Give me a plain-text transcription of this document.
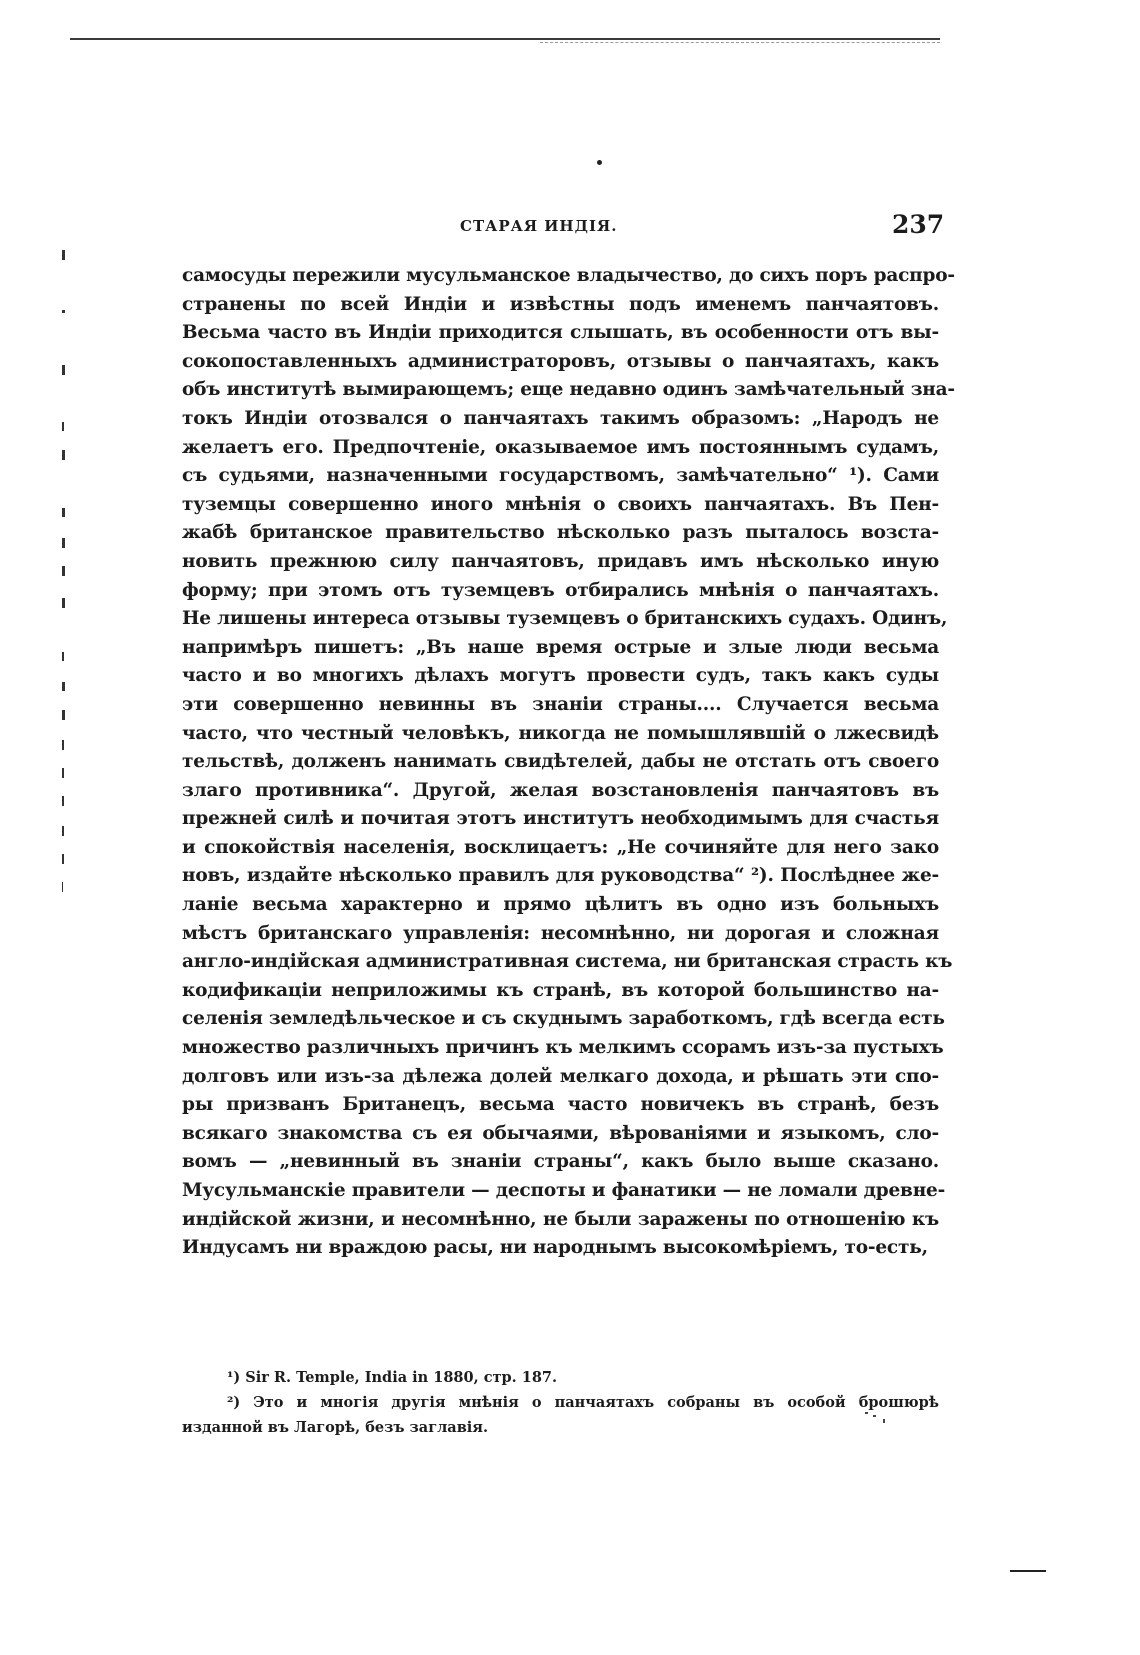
СТАРАЯ ИНДІЯ.	237
самосуды пережили мусульманское владычество, до сихъ поръ распро-
странены по всей Индіи и извѣстны подъ именемъ панчаятовъ.
Весьма часто въ Индіи приходится слышать, въ особенности отъ вы-
сокопоставленныхъ администраторовъ, отзывы о панчаятахъ, какъ
объ институтѣ вымирающемъ; еще недавно одинъ замѣчательный зна-
токъ Индіи отозвался о панчаятахъ такимъ образомъ: „Народъ не
желаетъ его. Предпочтеніе, оказываемое имъ постояннымъ судамъ,
съ судьями, назначенными государствомъ, замѣчательно“ ¹). Сами
туземцы совершенно иного мнѣнія о своихъ панчаятахъ. Въ Пен-
жабѣ британское правительство нѣсколько разъ пыталось возста-
новить прежнюю силу панчаятовъ, придавъ имъ нѣсколько иную
форму; при этомъ отъ туземцевъ отбирались мнѣнія о панчаятахъ.
Не лишены интереса отзывы туземцевъ о британскихъ судахъ. Одинъ,
напримѣръ пишетъ: „Въ наше время острые и злые люди весьма
часто и во многихъ дѣлахъ могутъ провести судъ, такъ какъ суды
эти совершенно невинны въ знаніи страны.... Случается весьма
часто, что честный человѣкъ, никогда не помышлявшій о лжесвидѣ
тельствѣ, долженъ нанимать свидѣтелей, дабы не отстать отъ своего
злаго противника“. Другой, желая возстановленія панчаятовъ въ
прежней силѣ и почитая этотъ институтъ необходимымъ для счастья
и спокойствія населенія, восклицаетъ: „Не сочиняйте для него зако
новъ, издайте нѣсколько правилъ для руководства“ ²). Послѣднее же-
ланіе весьма характерно и прямо цѣлитъ въ одно изъ больныхъ
мѣстъ британскаго управленія: несомнѣнно, ни дорогая и сложная
англо-индійская административная система, ни британская страсть къ
кодификаціи неприложимы къ странѣ, въ которой большинство на-
селенія земледѣльческое и съ скуднымъ заработкомъ, гдѣ всегда есть
множество различныхъ причинъ къ мелкимъ ссорамъ изъ-за пустыхъ
долговъ или изъ-за дѣлежа долей мелкаго дохода, и рѣшать эти спо-
ры призванъ Британецъ, весьма часто новичекъ въ странѣ, безъ
всякаго знакомства съ ея обычаями, вѣрованіями и языкомъ, сло-
вомъ — „невинный въ знаніи страны“, какъ было выше сказано.
Мусульманскіе правители — деспоты и фанатики — не ломали древне-
индійской жизни, и несомнѣнно, не были заражены по отношенію къ
Индусамъ ни враждою расы, ни народнымъ высокомѣріемъ, то-есть,
¹) Sir R. Temple, India in 1880, стр. 187.
²) Это и многія другія мнѣнія о панчаятахъ собраны въ особой брошюрѣ
изданной въ Лагорѣ, безъ заглавія.
